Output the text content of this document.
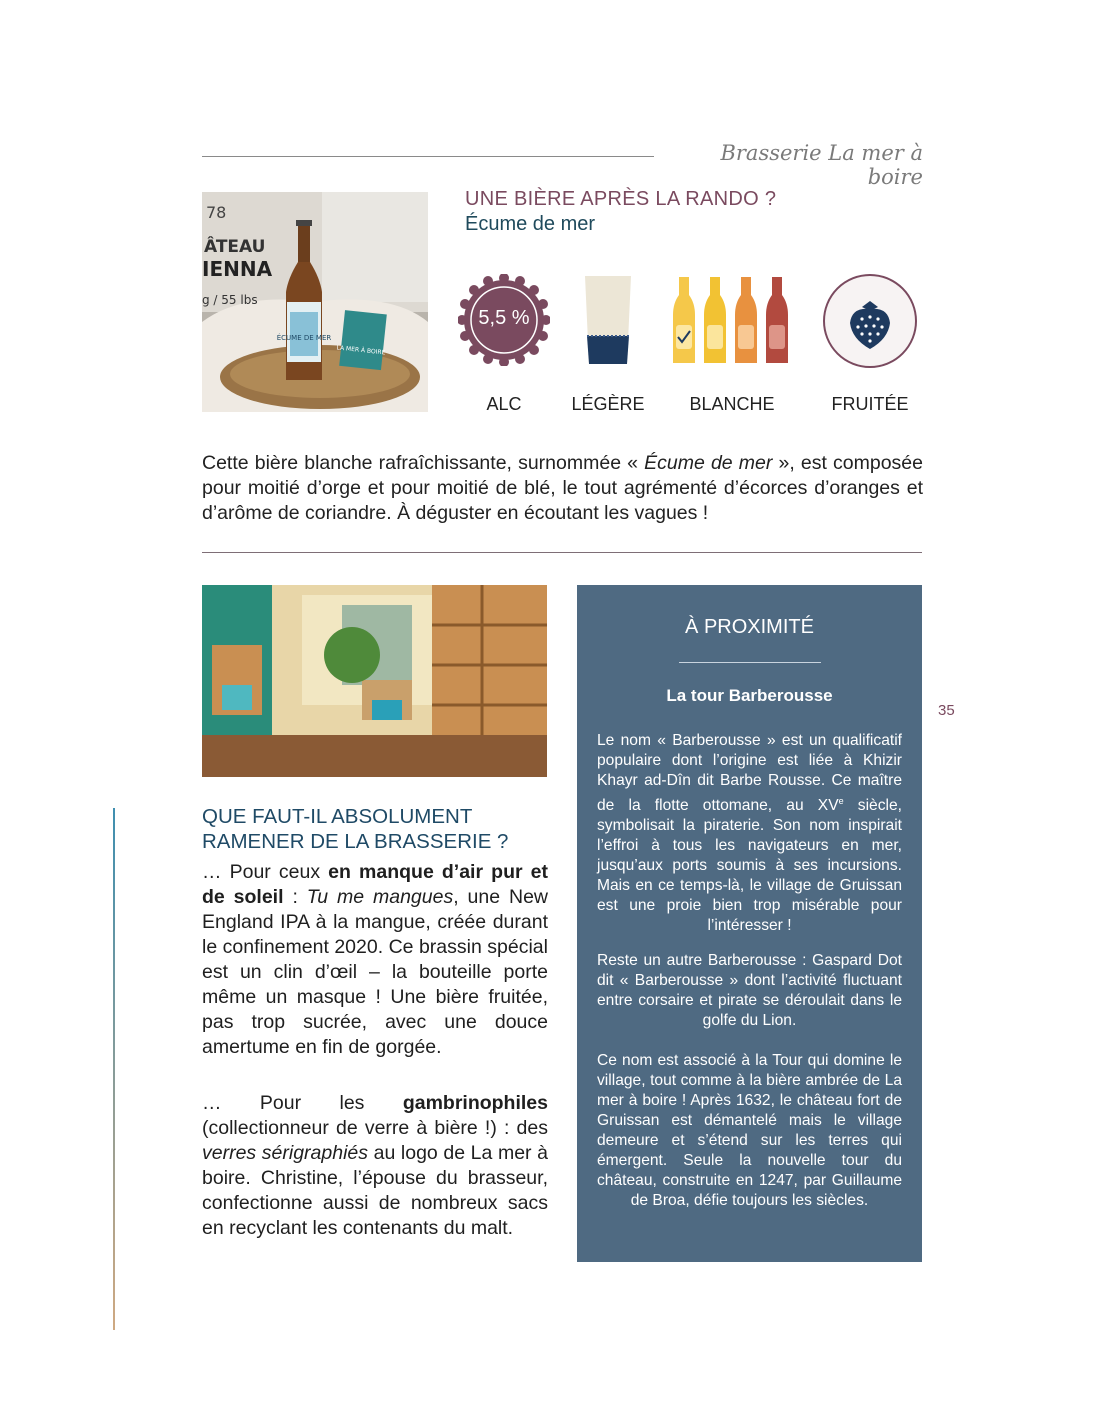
Brasserie La mer à boire
78
ÂTEAU
IENNA
g / 55 lbs
ÉCUME DE MER
LA MER À BOIRE
UNE BIÈRE APRÈS LA RANDO ?
Écume de mer
5,5 %
ALC	LÉGÈRE	BLANCHE	FRUITÉE
Cette bière blanche rafraîchissante, surnommée « Écume de mer », est composée pour moitié d’orge et pour moitié de blé, le tout agrémenté d’écorces d’oranges et d’arôme de coriandre. À déguster en écoutant les vagues !
QUE FAUT-IL ABSOLUMENT RAMENER DE LA BRASSERIE ?

… Pour ceux en manque d’air pur et de soleil : Tu me mangues, une New England IPA à la mangue, créée durant le confinement 2020. Ce brassin spécial est un clin d’œil – la bouteille porte même un masque ! Une bière fruitée, pas trop sucrée, avec une douce amertume en fin de gorgée.

… Pour les gambrinophiles (collectionneur de verre à bière !) : des verres sérigraphiés au logo de La mer à boire. Christine, l’épouse du brasseur, confectionne aussi de nombreux sacs en recyclant les contenants du malt.

À PROXIMITÉ
La tour Barberousse
Le nom « Barberousse » est un qualificatif populaire dont l’origine est liée à Khizir Khayr ad-Dîn dit Barbe Rousse. Ce maître de la flotte ottomane, au XVe siècle, symbolisait la piraterie. Son nom inspirait l’effroi à tous les navigateurs en mer, jusqu’aux ports soumis à ses incursions. Mais en ce temps-là, le village de Gruissan est une proie bien trop misérable pour l’intéresser !
Reste un autre Barberousse : Gaspard Dot dit « Barberousse » dont l’activité fluctuant entre corsaire et pirate se déroulait dans le golfe du Lion.
Ce nom est associé à la Tour qui domine le village, tout comme à la bière ambrée de La mer à boire ! Après 1632, le château fort de Gruissan est démantelé mais le village demeure et s’étend sur les terres qui émergent. Seule la nouvelle tour du château, construite en 1247, par Guillaume de Broa, défie toujours les siècles.
35
